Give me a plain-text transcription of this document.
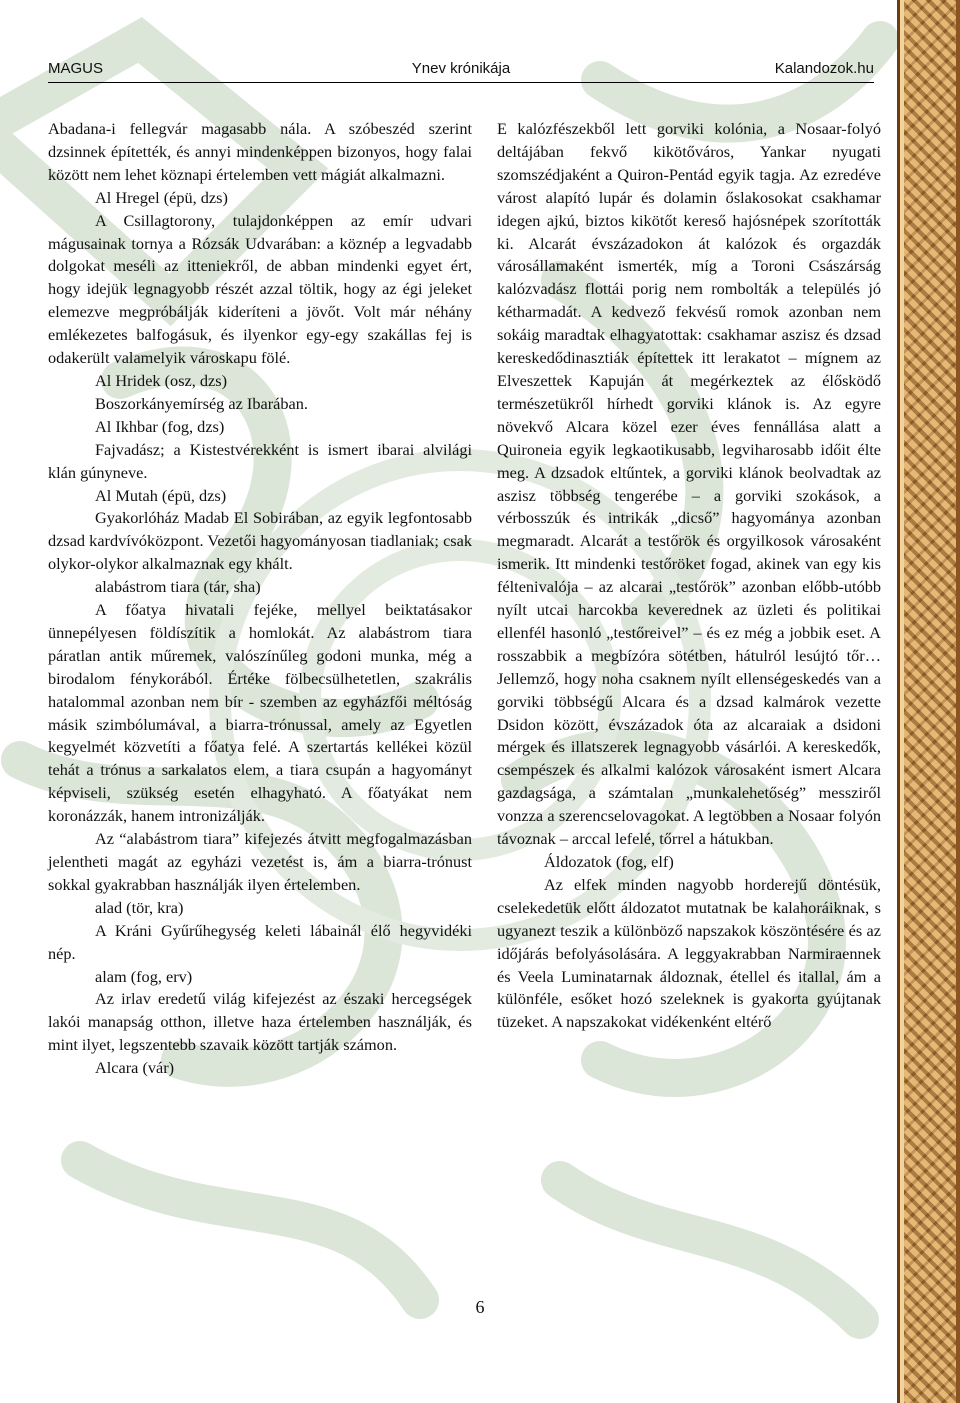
MAGUS	Ynev krónikája	Kalandozok.hu

Abadana-i fellegvár magasabb nála. A szóbeszéd szerint dzsinnek építették, és annyi mindenképpen bizonyos, hogy falai között nem lehet köznapi értelemben vett mágiát alkalmazni.

Al Hregel (épü, dzs)

A Csillagtorony, tulajdonképpen az emír udvari mágusainak tornya a Rózsák Udvarában: a köznép a legvadabb dolgokat meséli az itteniekről, de abban mindenki egyet ért, hogy idejük legnagyobb részét azzal töltik, hogy az égi jeleket elemezve megpróbálják kideríteni a jövőt. Volt már néhány emlékezetes balfogásuk, és ilyenkor egy-egy szakállas fej is odakerült valamelyik városkapu fölé.

Al Hridek (osz, dzs)

Boszorkányemírség az Ibarában.

Al Ikhbar (fog, dzs)

Fajvadász; a Kistestvérekként is ismert ibarai alvilági klán gúnyneve.

Al Mutah (épü, dzs)

Gyakorlóház Madab El Sobirában, az egyik legfontosabb dzsad kardvívóközpont. Vezetői hagyományosan tiadlaniak; csak olykor-olykor alkalmaznak egy khált.

alabástrom tiara (tár, sha)

A főatya hivatali fejéke, mellyel beiktatásakor ünnepélyesen földíszítik a homlokát. Az alabástrom tiara páratlan antik műremek, valószínűleg godoni munka, még a birodalom fénykorából. Értéke fölbecsülhetetlen, szakrális hatalommal azonban nem bír - szemben az egyházfői méltóság másik szimbólumával, a biarra-trónussal, amely az Egyetlen kegyelmét közvetíti a főatya felé. A szertartás kellékei közül tehát a trónus a sarkalatos elem, a tiara csupán a hagyományt képviseli, szükség esetén elhagyható. A főatyákat nem koronázzák, hanem intronizálják.

Az “alabástrom tiara” kifejezés átvitt megfogalmazásban jelentheti magát az egyházi vezetést is, ám a biarra-trónust sokkal gyakrabban használják ilyen értelemben.

alad (tör, kra)

A Kráni Gyűrűhegység keleti lábainál élő hegyvidéki nép.

alam (fog, erv)

Az irlav eredetű világ kifejezést az északi hercegségek lakói manapság otthon, illetve haza értelemben használják, és mint ilyet, legszentebb szavaik között tartják számon.

Alcara (vár)

E kalózfészekből lett gorviki kolónia, a Nosaar-folyó deltájában fekvő kikötőváros, Yankar nyugati szomszédjaként a Quiron-Pentád egyik tagja. Az ezredéve várost alapító lupár és dolamin őslakosokat csakhamar idegen ajkú, biztos kikötőt kereső hajósnépek szorították ki. Alcarát évszázadokon át kalózok és orgazdák városállamaként ismerték, míg a Toroni Császárság kalózvadász flottái porig nem rombolták a település jó kétharmadát. A kedvező fekvésű romok azonban nem sokáig maradtak elhagyatottak: csakhamar aszisz és dzsad kereskedődinasztiák építettek itt lerakatot – mígnem az Elveszettek Kapuján át megérkeztek az élősködő természetükről hírhedt gorviki klánok is. Az egyre növekvő Alcara közel ezer éves fennállása alatt a Quironeia egyik legkaotikusabb, legviharosabb időit élte meg. A dzsadok eltűntek, a gorviki klánok beolvadtak az aszisz többség tengerébe – a gorviki szokások, a vérbosszúk és intrikák „dicső” hagyománya azonban megmaradt. Alcarát a testőrök és orgyilkosok városaként ismerik. Itt mindenki testőröket fogad, akinek van egy kis féltenivalója – az alcarai „testőrök” azonban előbb-utóbb nyílt utcai harcokba keverednek az üzleti és politikai ellenfél hasonló „testőreivel” – és ez még a jobbik eset. A rosszabbik a megbízóra sötétben, hátulról lesújtó tőr… Jellemző, hogy noha csaknem nyílt ellenségeskedés van a gorviki többségű Alcara és a dzsad kalmárok vezette Dsidon között, évszázadok óta az alcaraiak a dsidoni mérgek és illatszerek legnagyobb vásárlói. A kereskedők, csempészek és alkalmi kalózok városaként ismert Alcara gazdagsága, a számtalan „munkalehetőség” messziről vonzza a szerencselovagokat. A legtöbben a Nosaar folyón távoznak – arccal lefelé, tőrrel a hátukban.

Áldozatok (fog, elf)

Az elfek minden nagyobb horderejű döntésük, cselekedetük előtt áldozatot mutatnak be kalahoráiknak, s ugyanezt teszik a különböző napszakok köszöntésére és az időjárás befolyásolására. A leggyakrabban Narmiraennek és Veela Luminatarnak áldoznak, étellel és itallal, ám a különféle, esőket hozó szeleknek is gyakorta gyújtanak tüzeket. A napszakokat vidékenként eltérő

6
